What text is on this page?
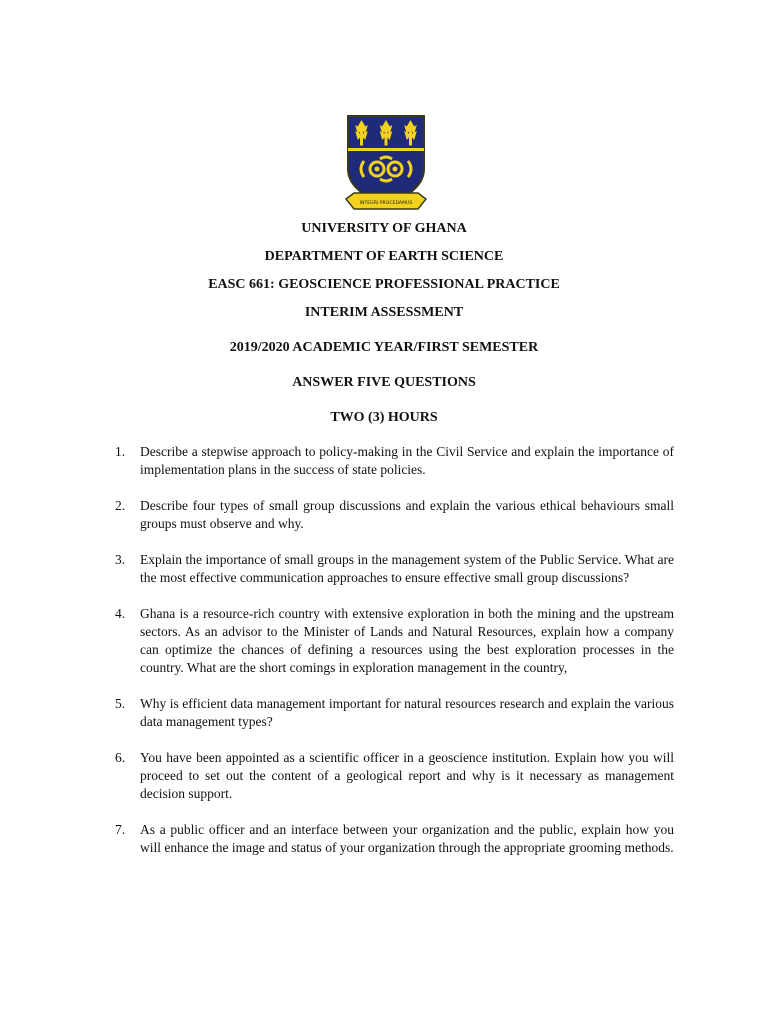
INTEGRI PROCEDAMUS

UNIVERSITY OF GHANA

DEPARTMENT OF EARTH SCIENCE

EASC 661: GEOSCIENCE PROFESSIONAL PRACTICE

INTERIM ASSESSMENT

2019/2020 ACADEMIC YEAR/FIRST SEMESTER

ANSWER FIVE QUESTIONS

TWO (3) HOURS

1.	Describe a stepwise approach to policy-making in the Civil Service and explain the importance of implementation plans in the success of state policies.

2.	Describe four types of small group discussions and explain the various ethical behaviours small groups must observe and why.

3.	Explain the importance of small groups in the management system of the Public Service. What are the most effective communication approaches to ensure effective small group discussions?

4.	Ghana is a resource-rich country with extensive exploration in both the mining and the upstream sectors. As an advisor to the Minister of Lands and Natural Resources, explain how a company can optimize the chances of defining a resources using the best exploration processes in the country. What are the short comings in exploration management in the country,

5.	Why is efficient data management important for natural resources research and explain the various data management types?

6.	You have been appointed as a scientific officer in a geoscience institution. Explain how you will proceed to set out the content of a geological report and why is it necessary as management decision support.

7.	As a public officer and an interface between your organization and the public, explain how you will enhance the image and status of your organization through the appropriate grooming methods.
